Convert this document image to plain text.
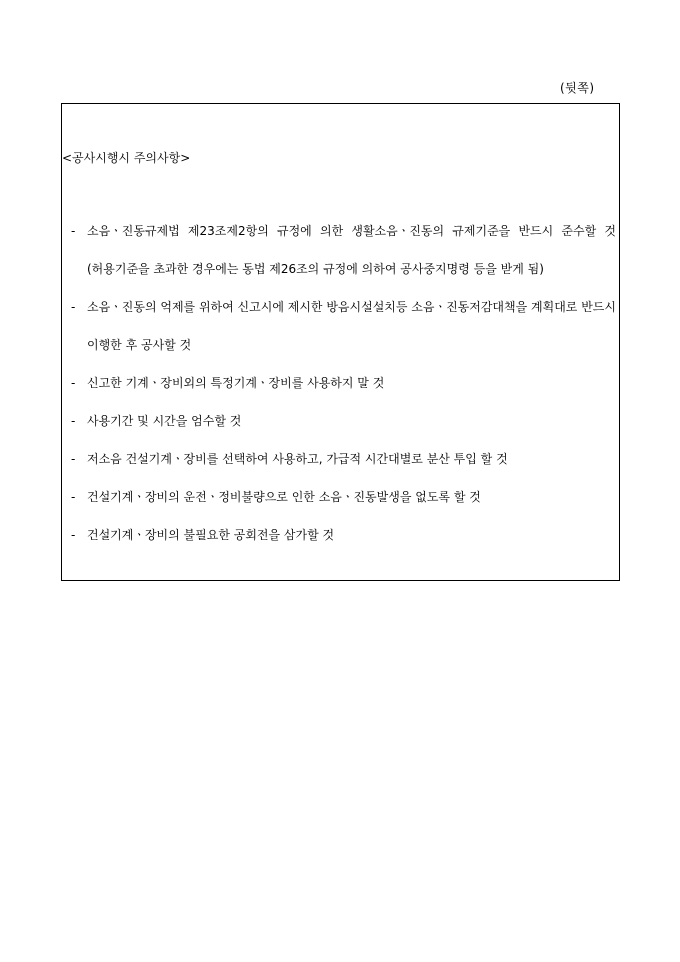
(뒷쪽)
<공사시행시 주의사항>
- 소음ㆍ진동규제법 제23조제2항의 규정에 의한 생활소음ㆍ진동의 규제기준을 반드시 준수할 것(허용기준을 초과한 경우에는 동법 제26조의 규정에 의하여 공사중지명령 등을 받게 됨)
- 소음ㆍ진동의 억제를 위하여 신고시에 제시한 방음시설설치등 소음ㆍ진동저감대책을 계획대로 반드시 이행한 후 공사할 것
- 신고한 기계ㆍ장비외의 특정기계ㆍ장비를 사용하지 말 것
- 사용기간 및 시간을 엄수할 것
- 저소음 건설기계ㆍ장비를 선택하여 사용하고, 가급적 시간대별로 분산 투입 할 것
- 건설기계ㆍ장비의 운전ㆍ정비불량으로 인한 소음ㆍ진동발생을 없도록 할 것
- 건설기계ㆍ장비의 불필요한 공회전을 삼가할 것
